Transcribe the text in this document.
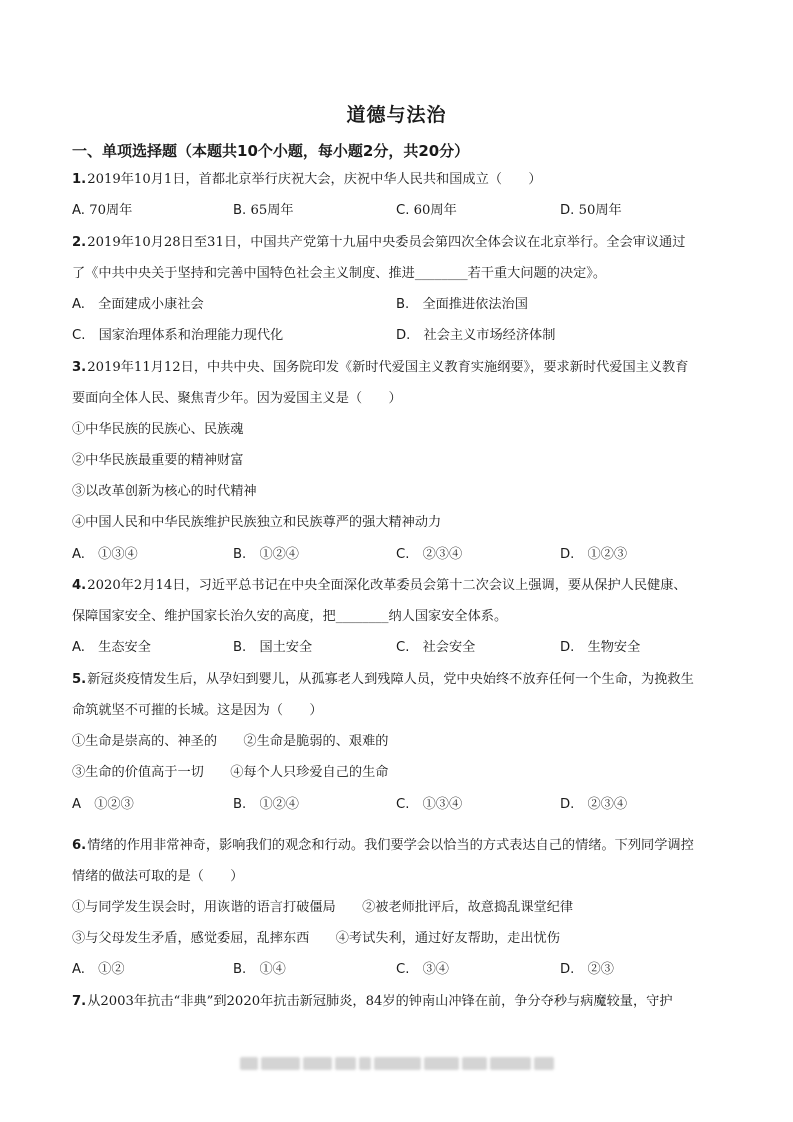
道德与法治
一、单项选择题（本题共10个小题，每小题2分，共20分）
1.2019年10月1日，首都北京举行庆祝大会，庆祝中华人民共和国成立（　　）
A. 70周年	B. 65周年	C. 60周年	D. 50周年
2.2019年10月28日至31日，中国共产党第十九届中央委员会第四次全体会议在北京举行。全会审议通过
了《中共中央关于坚持和完善中国特色社会主义制度、推进________若干重大问题的决定》。
A.　 全面建成小康社会	B.　 全面推进依法治国
C.　 国家治理体系和治理能力现代化	D.　 社会主义市场经济体制
3.2019年11月12日，中共中央、国务院印发《新时代爱国主义教育实施纲要》，要求新时代爱国主义教育
要面向全体人民、聚焦青少年。因为爱国主义是（　　）
①中华民族的民族心、民族魂
②中华民族最重要的精神财富
③以改革创新为核心的时代精神
④中国人民和中华民族维护民族独立和民族尊严的强大精神动力
A.　 ①③④	B.　 ①②④	C.　 ②③④	D.　 ①②③
4.2020年2月14日，习近平总书记在中央全面深化改革委员会第十二次会议上强调，要从保护人民健康、
保障国家安全、维护国家长治久安的高度，把________纳人国家安全体系。
A.　 生态安全	B.　 国土安全	C.　 社会安全	D.　 生物安全
5.新冠炎疫情发生后，从孕妇到婴儿，从孤寡老人到残障人员，党中央始终不放弃任何一个生命，为挽救生
命筑就坚不可摧的长城。这是因为（　　）
①生命是崇高的、神圣的　　②生命是脆弱的、艰难的
③生命的价值高于一切　　④每个人只珍爱自己的生命
A　 ①②③	B.　 ①②④	C.　 ①③④	D.　 ②③④
6.情绪的作用非常神奇，影响我们的观念和行动。我们要学会以恰当的方式表达自己的情绪。下列同学调控
情绪的做法可取的是（　　）
①与同学发生误会时，用诙谐的语言打破僵局　　②被老师批评后，故意捣乱课堂纪律
③与父母发生矛盾，感觉委屈，乱摔东西　　④考试失利，通过好友帮助，走出忧伤
A.　 ①②	B.　 ①④	C.　 ③④	D.　 ②③
7.从2003年抗击“非典”到2020年抗击新冠肺炎，84岁的钟南山冲锋在前，争分夺秒与病魔较量，守护
